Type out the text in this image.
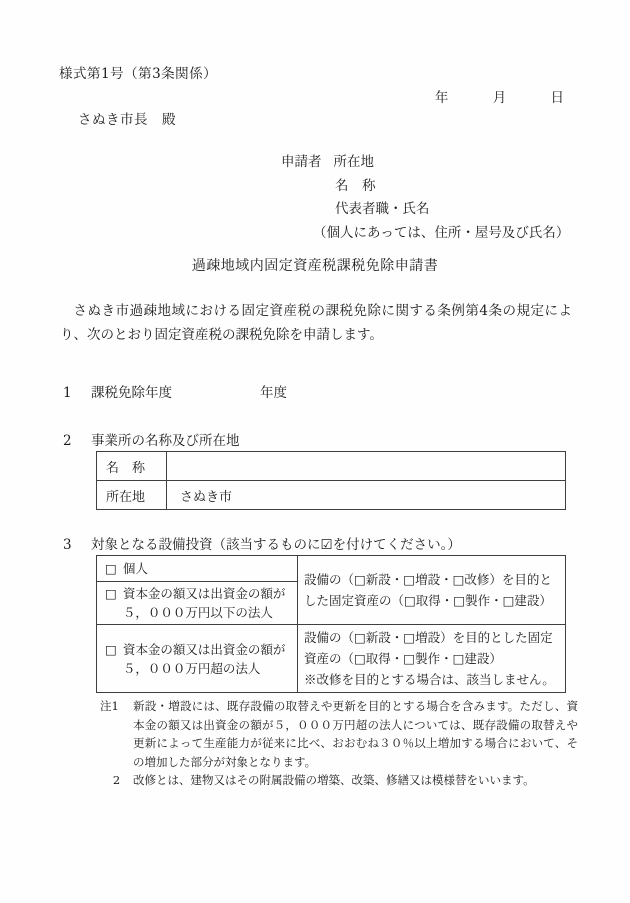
様式第1号（第3条関係）
年	月	日
さぬき市長　殿
申請者 所在地
名　称
代表者職・氏名
（個人にあっては、住所・屋号及び氏名）
過疎地域内固定資産税課税免除申請書

さぬき市過疎地域における固定資産税の課税免除に関する条例第4条の規定により、次のとおり固定資産税の課税免除を申請します。

1	課税免除年度	年度
2	事業所の名称及び所在地
名　称	
所在地	さぬき市
3	対象となる設備投資（該当するものに☑を付けてください。）
□ 個人	設備の（□新設・□増設・□改修）を目的とした固定資産の（□取得・□製作・□建設）

□ 資本金の額又は出資金の額が
５，０００万円以下の法人	

□ 資本金の額又は出資金の額が
５，０００万円超の法人

設備の（□新設・□増設）を目的とした固定資産の（□取得・□製作・□建設）
※改修を目的とする場合は、該当しません。
注1	新設・増設には、既存設備の取替えや更新を目的とする場合を含みます。ただし、資本金の額又は出資金の額が５，０００万円超の法人については、既存設備の取替えや更新によって生産能力が従来に比べ、おおむね３０％以上増加する場合において、その増加した部分が対象となります。
2	改修とは、建物又はその附属設備の増築、改築、修繕又は模様替をいいます。
